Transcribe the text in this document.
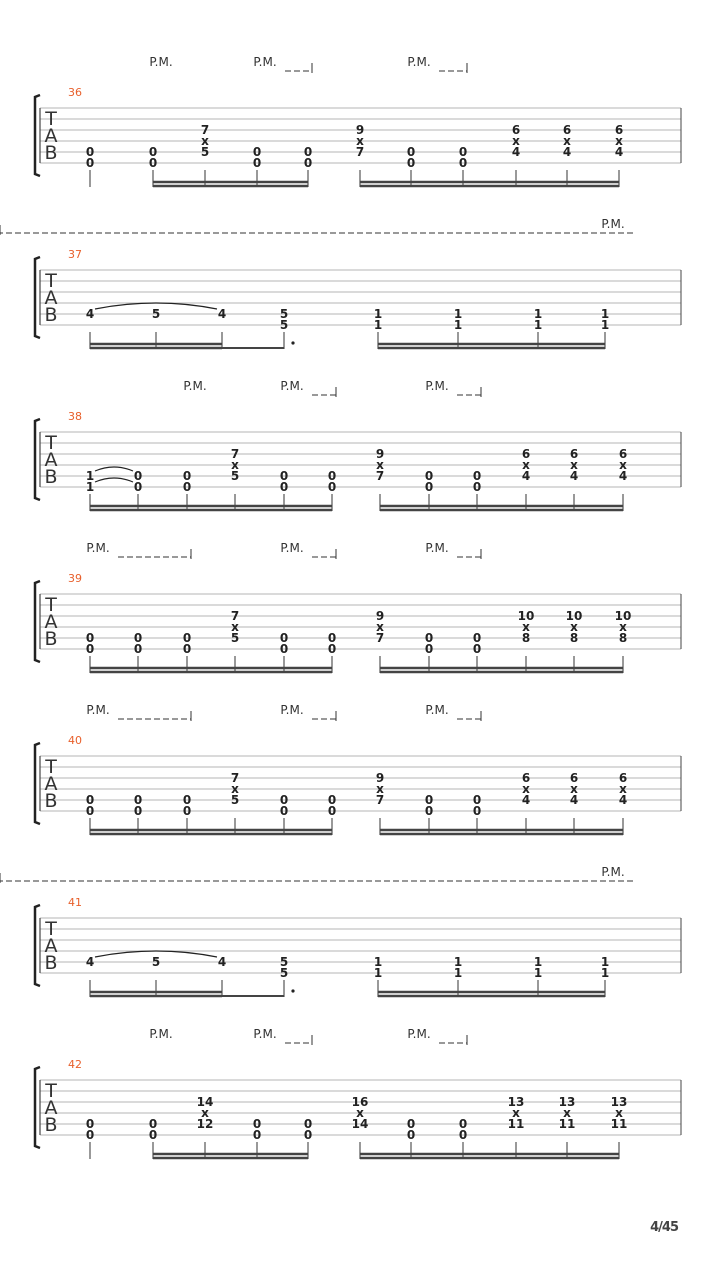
T
A
B
36
0
0
0
0
7
x
5	0
0
0
0
9
x
7	0
0
0
0
6
x
4
6
x
4
6
x
4
P.M.	P.M.	P.M.
T
A
B
37
4	5	4	5
5
1
1
1
1
1
1
1
1
P.M.
T
A
B
38
1
1
0
0
0
0
7
x
5	0
0
0
0
9
x
7	0
0
0
0
6
x
4
6
x
4
6
x
4
P.M.	P.M.	P.M.
T
A
B
39
0
0
0
0
0
0
7
x
5	0
0
0
0
9
x
7	0
0
0
0
10
x
8
10
x
8
10
x
8
P.M.	P.M.	P.M.
T
A
B
40
0
0
0
0
0
0
7
x
5	0
0
0
0
9
x
7	0
0
0
0
6
x
4
6
x
4
6
x
4
P.M.	P.M.	P.M.
T
A
B
41
4	5	4	5
5
1
1
1
1
1
1
1
1
P.M.
T
A
B
42
0
0
0
0
14
x
12	0
0
0
0
16
x
14	0
0
0
0
13
x
11
13
x
11
13
x
11
P.M.	P.M.	P.M.
4/45
